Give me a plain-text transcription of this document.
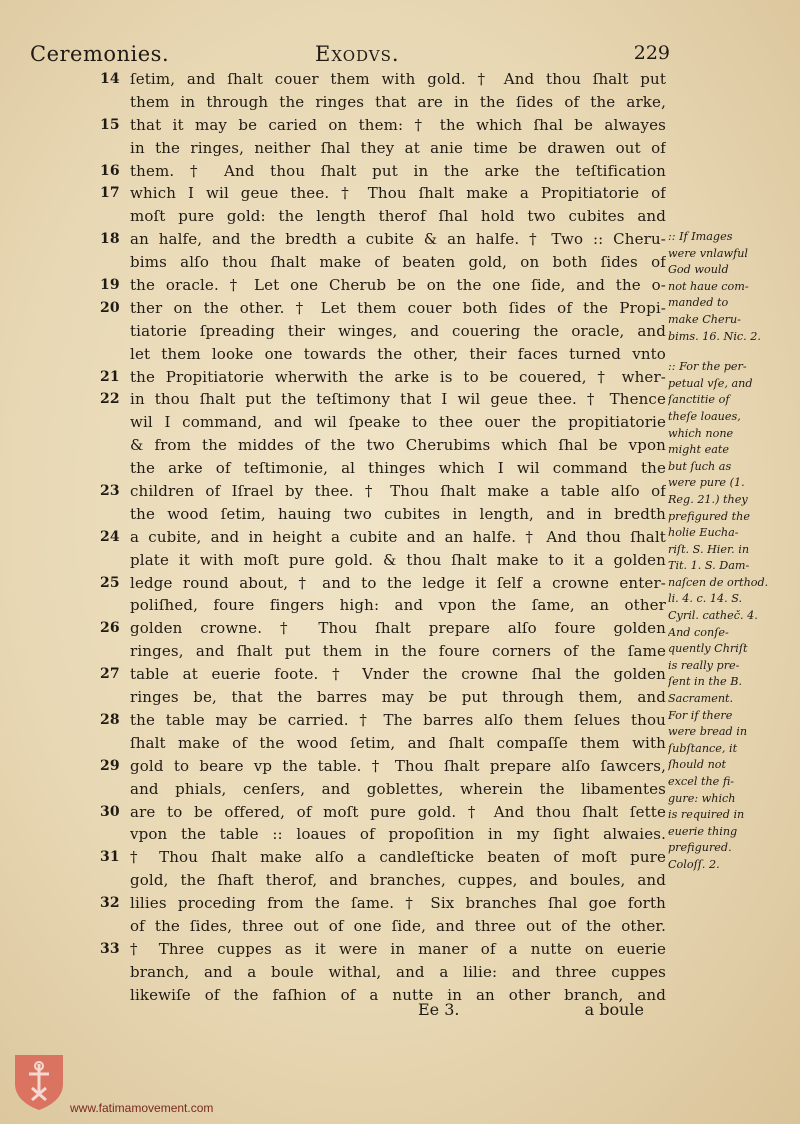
Ceremonies.	Exodvs.	229
14 ſetim, and ſhalt couer them with gold. † And thou ſhalt put
them in through the ringes that are in the ſides of the arke,
15 that it may be caried on them: † the which ſhal be alwayes
in the ringes, neither ſhal they at anie time be drawen out of
16 them. † And thou ſhalt put in the arke the teſtification
17 which I wil geue thee. † Thou ſhalt make a Propitiatorie of
moſt pure gold: the length therof ſhal hold two cubites and
18 an halfe, and the bredth a cubite & an halfe. † Two :: Cheru-
bims alſo thou ſhalt make of beaten gold, on both ſides of
19 the oracle. † Let one Cherub be on the one ſide, and the o-
20 ther on the other. † Let them couer both ſides of the Propi-
tiatorie ſpreading their winges, and couering the oracle, and
let them looke one towards the other, their faces turned vnto
21 the Propitiatorie wherwith the arke is to be couered, † wher-
22 in thou ſhalt put the teſtimony that I wil geue thee. † Thence
wil I command, and wil ſpeake to thee ouer the propitiatorie
& from the middes of the two Cherubims which ſhal be vpon
the arke of teſtimonie, al thinges which I wil command the
23 children of Iſrael by thee. † Thou ſhalt make a table alſo of
the wood ſetim, hauing two cubites in length, and in bredth
24 a cubite, and in height a cubite and an halfe. † And thou ſhalt
plate it with moſt pure gold. & thou ſhalt make to it a golden
25 ledge round about, † and to the ledge it ſelf a crowne enter-
poliſhed, foure fingers high: and vpon the ſame, an other
26 golden crowne. † Thou ſhalt prepare alſo foure golden
ringes, and ſhalt put them in the foure corners of the ſame
27 table at euerie foote. † Vnder the crowne ſhal the golden
ringes be, that the barres may be put through them, and
28 the table may be carried. † The barres alſo them ſelues thou
ſhalt make of the wood ſetim, and ſhalt compaſſe them with
29 gold to beare vp the table. † Thou ſhalt prepare alſo ſawcers,
and phials, cenſers, and goblettes, wherein the libamentes
30 are to be offered, of moſt pure gold. † And thou ſhalt ſette
vpon the table :: loaues of propoſition in my ſight alwaies.
31 † Thou ſhalt make alſo a candleſticke beaten of moſt pure
gold, the ſhaft therof, and branches, cuppes, and boules, and
32 lilies proceding from the ſame. † Six branches ſhal goe forth
of the ſides, three out of one ſide, and three out of the other.
33 † Three cuppes as it were in maner of a nutte on euerie
branch, and a boule withal, and a lilie: and three cuppes
likewiſe of the faſhion of a nutte in an other branch, and
:: If Images
were vnlawful
God would
not haue com-
manded to
make Cheru-
bims. 16. Nic. 2.
:: For the per-
petual vſe, and
ſanctitie of
theſe loaues,
which none
might eate
but ſuch as
were pure (1.
Reg. 21.) they
prefigured the
holie Eucha-
riſt. S. Hier. in
Tit. 1. S. Dam-
naſcen de orthod.
li. 4. c. 14. S.
Cyril. catheč. 4.
And conſe-
quently Chriſt
is really pre-
ſent in the B.
Sacrament.
For if there
were bread in
ſubſtance, it
ſhould not
excel the fi-
gure: which
is required in
euerie thing
prefigured.
Coloſſ. 2.
Ee 3.	a boule
www.fatimamovement.com
